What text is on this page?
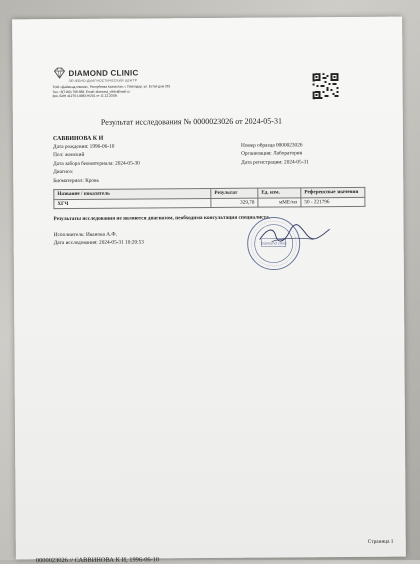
DIAMOND CLINIC
ЛЕЧЕБНО-ДИАГНОСТИЧЕСКИЙ ЦЕНТР
ТОО «Даймонд клиник», Республика Казахстан, г. Павлодар, ул. Естая дом 281
Тел.: 8(7182) 708-888, Email: diamond_clinic@mail.ru
Вск, БИН 41270-14983-Н/201 от 11.12.2018г.
Результат исследования № 0000023026 от 2024-05-31
САВВИНОВА К И
Дата рождения: 1996-06-10
Пол: женский
Дата забора биоматериала: 2024-05-30
Диагноз:
Биоматериал: Кровь
Номер образца 0000023026
Организация: Лаборатория
Дата регистрации: 2024-05-31
Название / показатель	Результат	Ед. изм.	Референсные значения
ХГЧ	329,78	мМЕ/мл	50 - 221796
Результаты исследования не являются диагнозом, необходима консультация специалиста.
Исполнитель: Иванова А.Ф.
Дата исследования: 2024-05-31 10:20:53	Diamond clinic
Страница 1
0000023026 // САВВИНОВА К И, 1996-06-10
